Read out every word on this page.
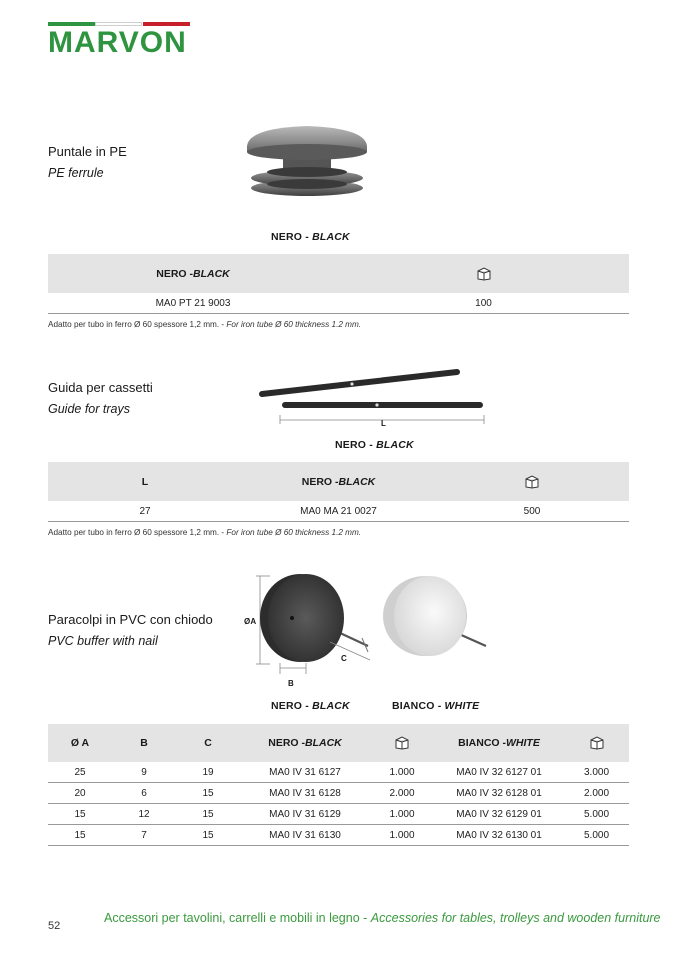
MARVON
Puntale in PE
PE ferrule
NERO - BLACK
NERO - BLACK
MA0 PT 21 9003	100
Adatto per tubo in ferro Ø 60 spessore 1,2 mm. - For iron tube Ø 60 thickness 1.2 mm.
Guida per cassetti
Guide for trays
L
NERO - BLACK
L	NERO - BLACK
27	MA0 MA 21 0027	500
Adatto per tubo in ferro Ø 60 spessore 1,2 mm. - For iron tube Ø 60 thickness 1.2 mm.
Paracolpi in PVC con chiodo
PVC buffer with nail
ØA
B
C
NERO - BLACK	BIANCO - WHITE
Ø A	B	C	NERO - BLACK	BIANCO - WHITE
25	9	19	MA0 IV 31 6127	1.000	MA0 IV 32 6127 01	3.000
20	6	15	MA0 IV 31 6128	2.000	MA0 IV 32 6128 01	2.000
15	12	15	MA0 IV 31 6129	1.000	MA0 IV 32 6129 01	5.000
15	7	15	MA0 IV 31 6130	1.000	MA0 IV 32 6130 01	5.000
52
Accessori per tavolini, carrelli e mobili in legno - Accessories for tables, trolleys and wooden furniture
